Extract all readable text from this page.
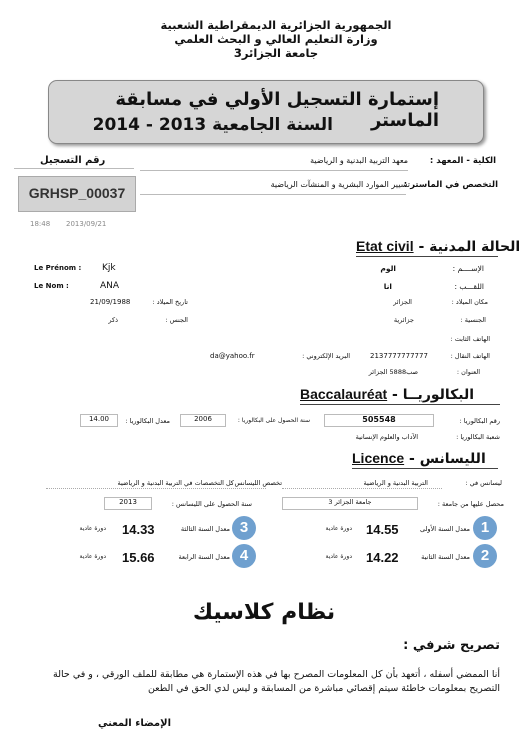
الجمهورية الجزائرية الديمقراطية الشعبية
وزارة التعليم العالي و البحث العلمي
جامعة الجزائر3
إستمارة التسجيل الأولي في مسابقة الماستر
السنة الجامعية 2013 - 2014
رقم التسجيل
GRHSP_00037
18:48 2013/09/21
الكلية - المعهد :
معهد التربية البدنية و الرياضية
التخصص في الماستر :
تسيير الموارد البشرية و المنشآت الرياضية
Etat civil - الحالة المدنية
Le Prénom : Kjk
Le Nom :	ANA
الإســــم :
الوم
اللقـــب :
انا
مكان الميلاد :
الجزائر
تاريخ الميلاد :
21/09/1988
الجنسية :
جزائرية
الجنس :
ذكر
الهاتف الثابت :
الهاتف النقال :
2137777777777
البريد الإلكتروني :
da@yahoo.fr
العنوان :
صب5888 الجزائر
Baccalauréat - البكالوريــا
رقم البكالوريا :
505548
سنة الحصول على البكالوريا :
2006
معدل البكالوريا :
14.00
شعبة البكالوريا :
الآداب والعلوم الإنسانية
Licence - الليسانس
ليسانس في :
التربية البدنية و الرياضية
تخصص الليسانس :
كل التخصصات في التربية البدنية و الرياضية
محصل عليها من جامعة :
جامعة الجزائر 3
سنة الحصول على الليسانس :
2013
1
معدل السنة الأولى
14.55
دورة عادية
3
معدل السنة الثالثة
14.33
دورة عادية
2
معدل السنة الثانية
14.22
دورة عادية
4
معدل السنة الرابعة
15.66
دورة عادية
نظام كلاسيك
تصريح شرفي :
أنا الممضي أسفله ، أتعهد بأن كل المعلومات المصرح بها في هذه الإستمارة هي مطابقة للملف الورقي ، و في حالة التصريح بمعلومات خاطئة سيتم إقصائي مباشرة من المسابقة و ليس لدي الحق في الطعن
الإمضاء المعني
